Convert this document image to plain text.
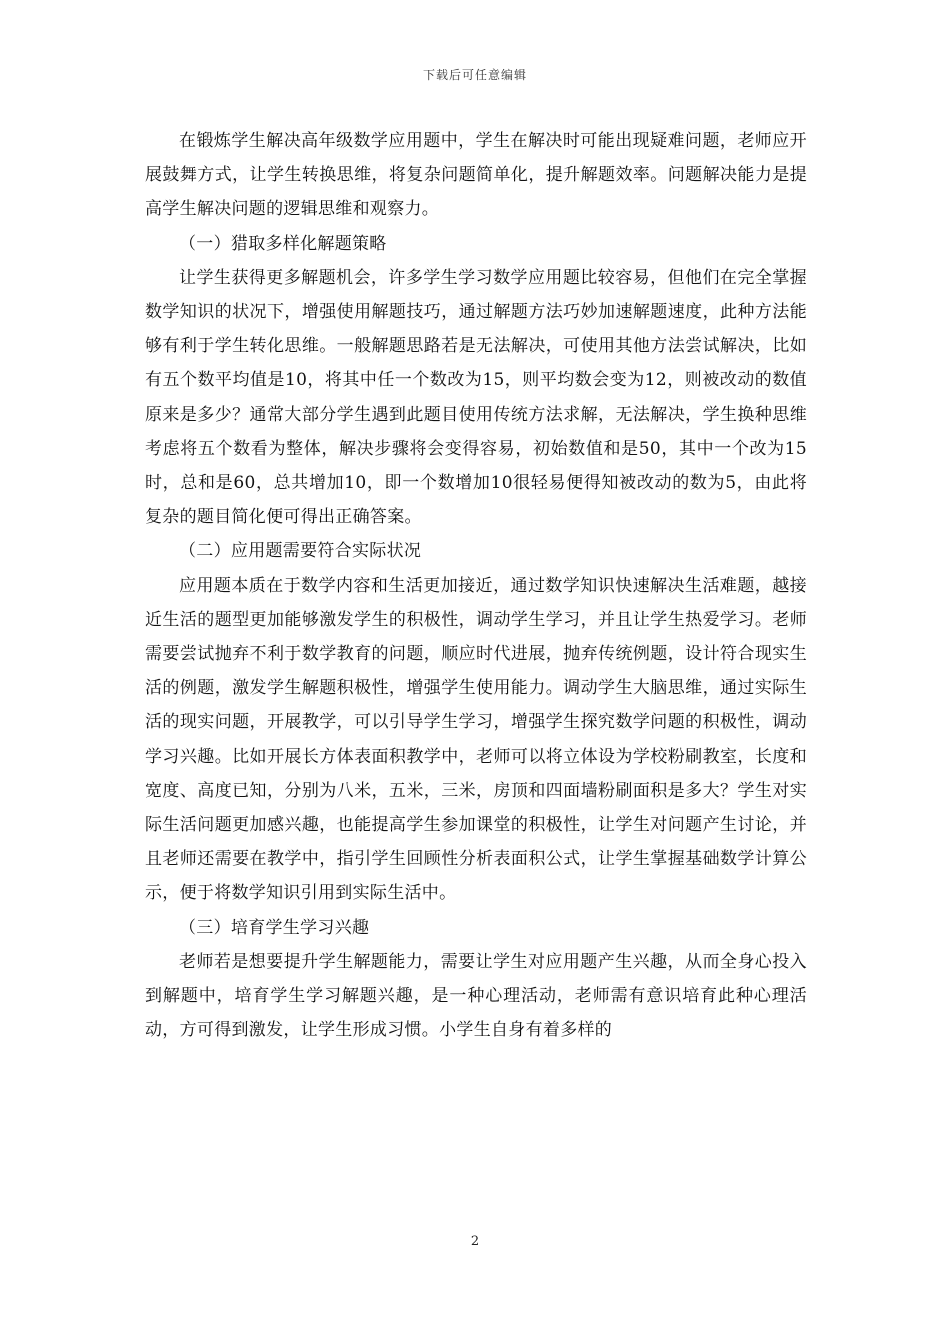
下载后可任意编辑

在锻炼学生解决高年级数学应用题中，学生在解决时可能出现疑难问题，老师应开展鼓舞方式，让学生转换思维，将复杂问题简单化，提升解题效率。问题解决能力是提高学生解决问题的逻辑思维和观察力。

（一）猎取多样化解题策略

让学生获得更多解题机会，许多学生学习数学应用题比较容易，但他们在完全掌握数学知识的状况下，增强使用解题技巧，通过解题方法巧妙加速解题速度，此种方法能够有利于学生转化思维。一般解题思路若是无法解决，可使用其他方法尝试解决，比如有五个数平均值是10，将其中任一个数改为15，则平均数会变为12，则被改动的数值原来是多少？通常大部分学生遇到此题目使用传统方法求解，无法解决，学生换种思维考虑将五个数看为整体，解决步骤将会变得容易，初始数值和是50，其中一个改为15时，总和是60，总共增加10，即一个数增加10很轻易便得知被改动的数为5，由此将复杂的题目简化便可得出正确答案。

（二）应用题需要符合实际状况

应用题本质在于数学内容和生活更加接近，通过数学知识快速解决生活难题，越接近生活的题型更加能够激发学生的积极性，调动学生学习，并且让学生热爱学习。老师需要尝试抛弃不利于数学教育的问题，顺应时代进展，抛弃传统例题，设计符合现实生活的例题，激发学生解题积极性，增强学生使用能力。调动学生大脑思维，通过实际生活的现实问题，开展教学，可以引导学生学习，增强学生探究数学问题的积极性，调动学习兴趣。比如开展长方体表面积教学中，老师可以将立体设为学校粉刷教室，长度和宽度、高度已知，分别为八米，五米，三米，房顶和四面墙粉刷面积是多大？学生对实际生活问题更加感兴趣，也能提高学生参加课堂的积极性，让学生对问题产生讨论，并且老师还需要在教学中，指引学生回顾性分析表面积公式，让学生掌握基础数学计算公示，便于将数学知识引用到实际生活中。

（三）培育学生学习兴趣

老师若是想要提升学生解题能力，需要让学生对应用题产生兴趣，从而全身心投入到解题中，培育学生学习解题兴趣，是一种心理活动，老师需有意识培育此种心理活动，方可得到激发，让学生形成习惯。小学生自身有着多样的

2
